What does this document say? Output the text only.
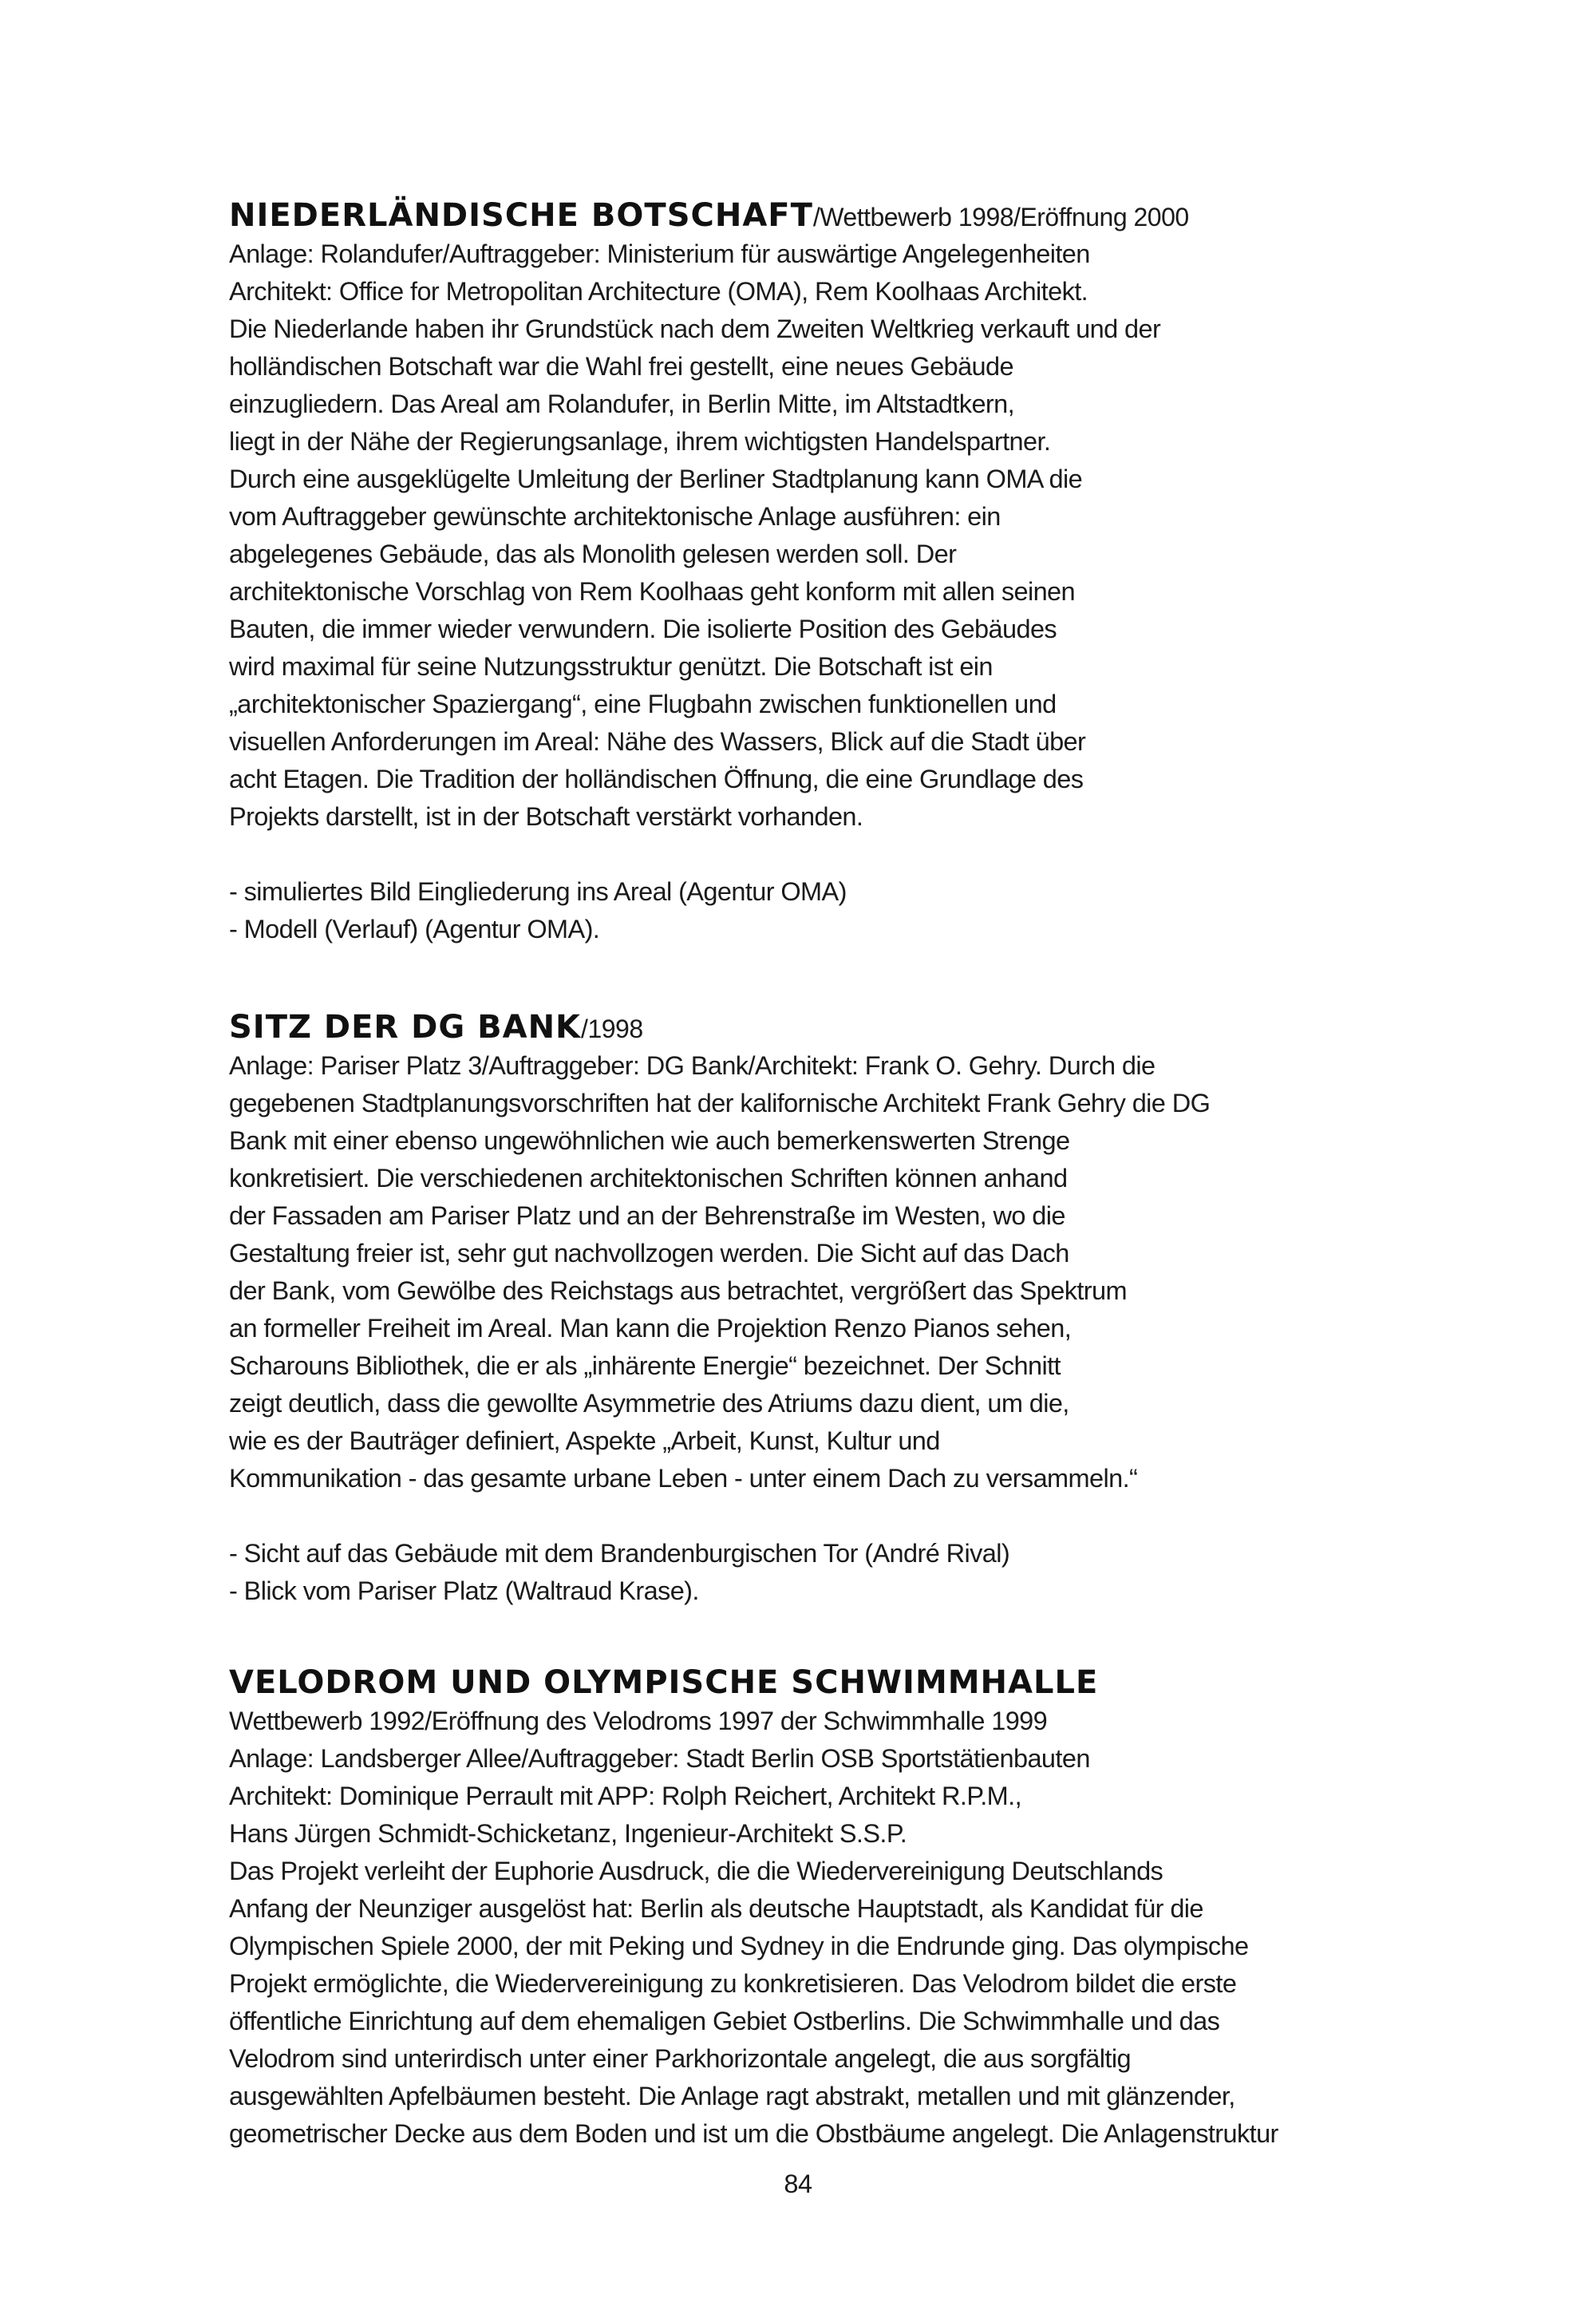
NIEDERLÄNDISCHE BOTSCHAFT/Wettbewerb 1998/Eröffnung 2000

Anlage: Rolandufer/Auftraggeber: Ministerium für auswärtige Angelegenheiten

Architekt: Office for Metropolitan Architecture (OMA), Rem Koolhaas Architekt.

Die Niederlande haben ihr Grundstück nach dem Zweiten Weltkrieg verkauft und der

holländischen Botschaft war die Wahl frei gestellt, eine neues Gebäude

einzugliedern. Das Areal am Rolandufer, in Berlin Mitte, im Altstadtkern,

liegt in der Nähe der Regierungsanlage, ihrem wichtigsten Handelspartner.

Durch eine ausgeklügelte Umleitung der Berliner Stadtplanung kann OMA die

vom Auftraggeber gewünschte architektonische Anlage ausführen: ein

abgelegenes Gebäude, das als Monolith gelesen werden soll. Der

architektonische Vorschlag von Rem Koolhaas geht konform mit allen seinen

Bauten, die immer wieder verwundern. Die isolierte Position des Gebäudes

wird maximal für seine Nutzungsstruktur genützt. Die Botschaft ist ein

„architektonischer Spaziergang“, eine Flugbahn zwischen funktionellen und

visuellen Anforderungen im Areal: Nähe des Wassers, Blick auf die Stadt über

acht Etagen. Die Tradition der holländischen Öffnung, die eine Grundlage des

Projekts darstellt, ist in der Botschaft verstärkt vorhanden.

- simuliertes Bild Eingliederung ins Areal (Agentur OMA)

- Modell (Verlauf) (Agentur OMA).

SITZ DER DG BANK/1998

Anlage: Pariser Platz 3/Auftraggeber: DG Bank/Architekt: Frank O. Gehry. Durch die

gegebenen Stadtplanungsvorschriften hat der kalifornische Architekt Frank Gehry die DG

Bank mit einer ebenso ungewöhnlichen wie auch bemerkenswerten Strenge

konkretisiert. Die verschiedenen architektonischen Schriften können anhand

der Fassaden am Pariser Platz und an der Behrenstraße im Westen, wo die

Gestaltung freier ist, sehr gut nachvollzogen werden. Die Sicht auf das Dach

der Bank, vom Gewölbe des Reichstags aus betrachtet, vergrößert das Spektrum

an formeller Freiheit im Areal. Man kann die Projektion Renzo Pianos sehen,

Scharouns Bibliothek, die er als „inhärente Energie“ bezeichnet. Der Schnitt

zeigt deutlich, dass die gewollte Asymmetrie des Atriums dazu dient, um die,

wie es der Bauträger definiert, Aspekte „Arbeit, Kunst, Kultur und

Kommunikation - das gesamte urbane Leben - unter einem Dach zu versammeln.“

- Sicht auf das Gebäude mit dem Brandenburgischen Tor (André Rival)

- Blick vom Pariser Platz (Waltraud Krase).

VELODROM UND OLYMPISCHE SCHWIMMHALLE

Wettbewerb 1992/Eröffnung des Velodroms 1997 der Schwimmhalle 1999

Anlage: Landsberger Allee/Auftraggeber: Stadt Berlin OSB Sportstätienbauten

Architekt: Dominique Perrault mit APP: Rolph Reichert, Architekt R.P.M.,

Hans Jürgen Schmidt-Schicketanz, Ingenieur-Architekt S.S.P.

Das Projekt verleiht der Euphorie Ausdruck, die die Wiedervereinigung Deutschlands

Anfang der Neunziger ausgelöst hat: Berlin als deutsche Hauptstadt, als Kandidat für die

Olympischen Spiele 2000, der mit Peking und Sydney in die Endrunde ging. Das olympische

Projekt ermöglichte, die Wiedervereinigung zu konkretisieren. Das Velodrom bildet die erste

öffentliche Einrichtung auf dem ehemaligen Gebiet Ostberlins. Die Schwimmhalle und das

Velodrom sind unterirdisch unter einer Parkhorizontale angelegt, die aus sorgfältig

ausgewählten Apfelbäumen besteht. Die Anlage ragt abstrakt, metallen und mit glänzender,

geometrischer Decke aus dem Boden und ist um die Obstbäume angelegt. Die Anlagenstruktur

84
